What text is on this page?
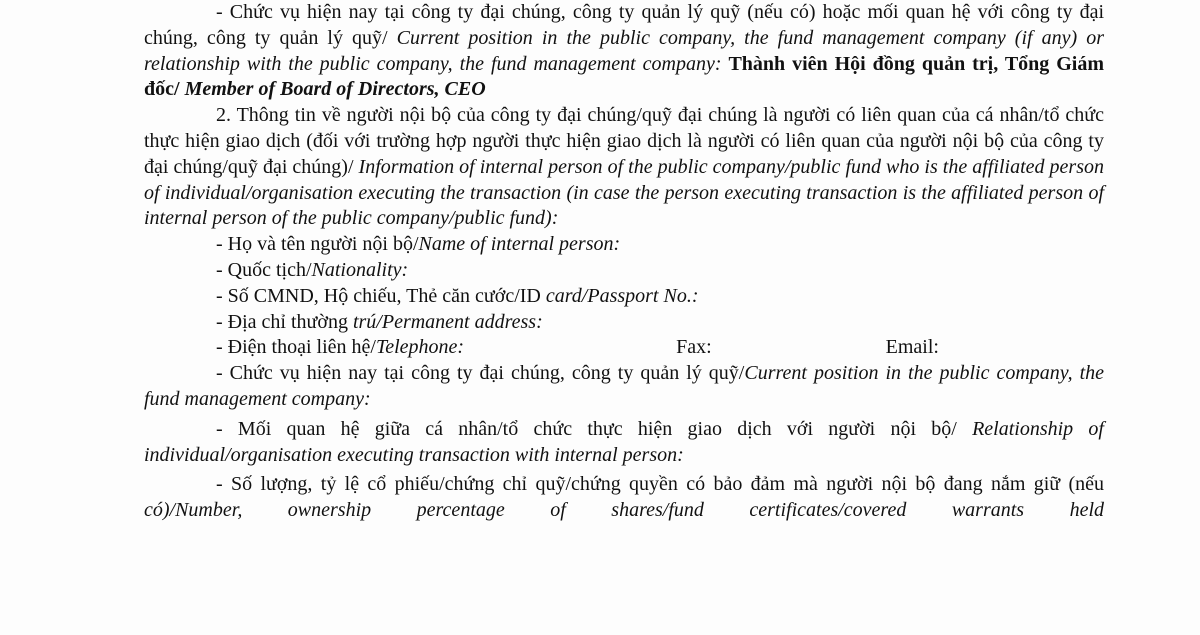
- Chức vụ hiện nay tại công ty đại chúng, công ty quản lý quỹ (nếu có) hoặc mối quan hệ với công ty đại chúng, công ty quản lý quỹ/ Current position in the public company, the fund management company (if any) or relationship with the public company, the fund management company: Thành viên Hội đồng quản trị, Tổng Giám đốc/ Member of Board of Directors, CEO

2. Thông tin về người nội bộ của công ty đại chúng/quỹ đại chúng là người có liên quan của cá nhân/tổ chức thực hiện giao dịch (đối với trường hợp người thực hiện giao dịch là người có liên quan của người nội bộ của công ty đại chúng/quỹ đại chúng)/ Information of internal person of the public company/public fund who is the affiliated person of individual/organisation executing the transaction (in case the person executing transaction is the affiliated person of internal person of the public company/public fund):

- Họ và tên người nội bộ/Name of internal person:

- Quốc tịch/Nationality:

- Số CMND, Hộ chiếu, Thẻ căn cước/ID card/Passport No.:

- Địa chỉ thường trú/Permanent address:

- Điện thoại liên hệ/Telephone:	Fax:	Email:

- Chức vụ hiện nay tại công ty đại chúng, công ty quản lý quỹ/Current position in the public company, the fund management company:

- Mối quan hệ giữa cá nhân/tổ chức thực hiện giao dịch với người nội bộ/ Relationship of individual/organisation executing transaction with internal person:

- Số lượng, tỷ lệ cổ phiếu/chứng chỉ quỹ/chứng quyền có bảo đảm mà người nội bộ đang nắm giữ (nếu có)/Number, ownership percentage of shares/fund certificates/covered warrants held
